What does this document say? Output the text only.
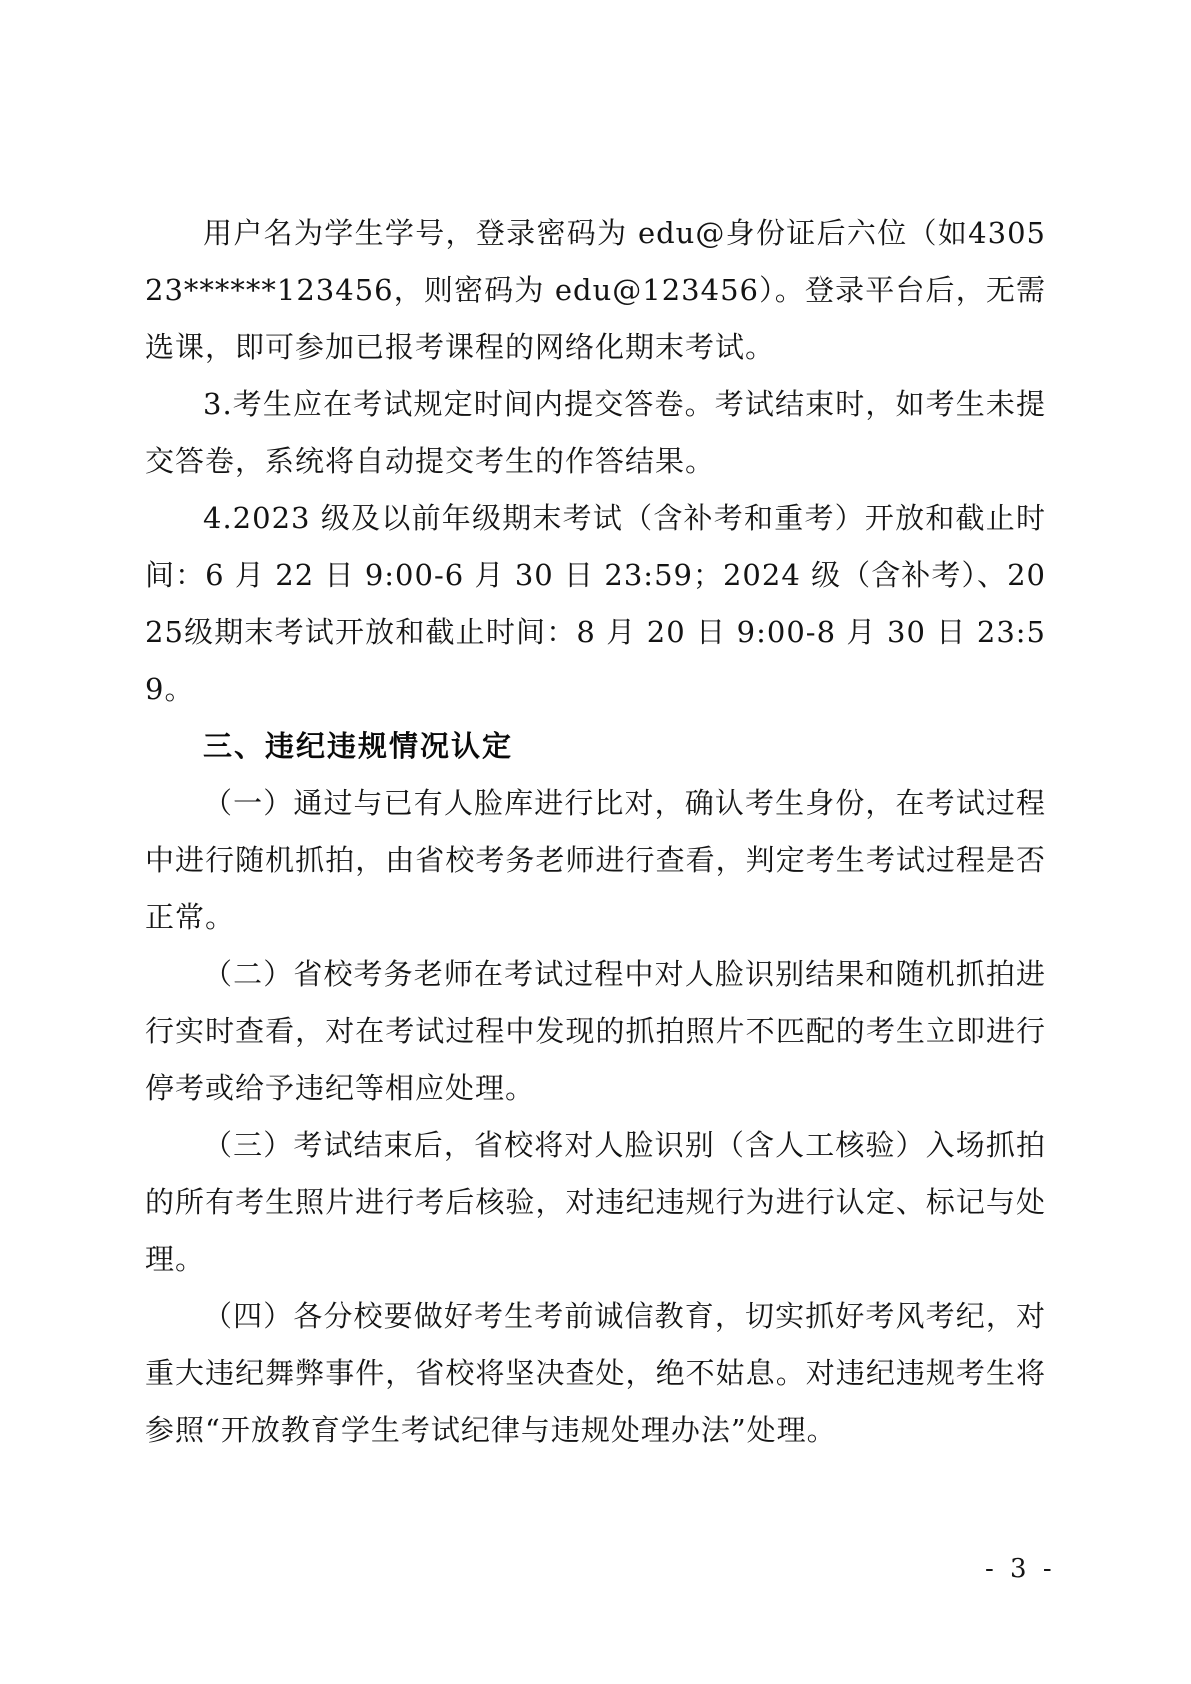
用户名为学生学号，登录密码为 edu@身份证后六位（如430523******123456，则密码为 edu@123456）。登录平台后，无需选课，即可参加已报考课程的网络化期末考试。

3.考生应在考试规定时间内提交答卷。考试结束时，如考生未提交答卷，系统将自动提交考生的作答结果。

4.2023 级及以前年级期末考试（含补考和重考）开放和截止时间：6 月 22 日 9:00-6 月 30 日 23:59；2024 级（含补考）、2025级期末考试开放和截止时间：8 月 20 日 9:00-8 月 30 日 23:59。

三、违纪违规情况认定

（一）通过与已有人脸库进行比对，确认考生身份，在考试过程中进行随机抓拍，由省校考务老师进行查看，判定考生考试过程是否正常。

（二）省校考务老师在考试过程中对人脸识别结果和随机抓拍进行实时查看，对在考试过程中发现的抓拍照片不匹配的考生立即进行停考或给予违纪等相应处理。

（三）考试结束后，省校将对人脸识别（含人工核验）入场抓拍的所有考生照片进行考后核验，对违纪违规行为进行认定、标记与处理。

（四）各分校要做好考生考前诚信教育，切实抓好考风考纪，对重大违纪舞弊事件，省校将坚决查处，绝不姑息。对违纪违规考生将参照“开放教育学生考试纪律与违规处理办法”处理。

- 3 -
